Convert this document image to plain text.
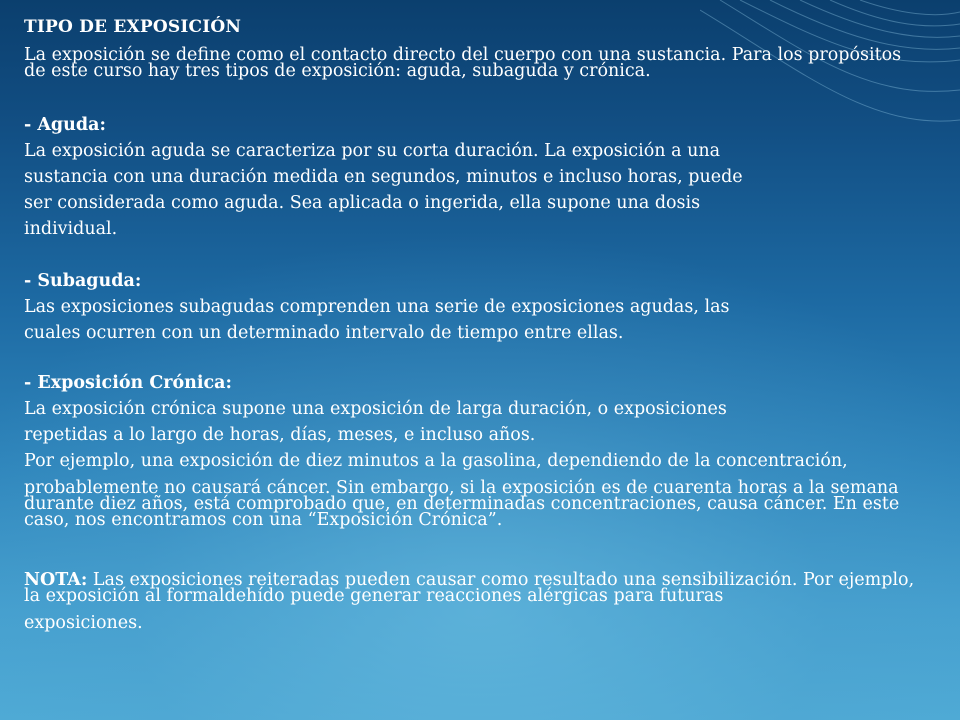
TIPO DE EXPOSICIÓN
La exposición se define como el contacto directo del cuerpo con una sustancia. Para los propósitos
de este curso hay tres tipos de exposición: aguda, subaguda y crónica.
- Aguda:
La exposición aguda se caracteriza por su corta duración. La exposición a una
sustancia con una duración medida en segundos, minutos e incluso horas, puede
ser considerada como aguda. Sea aplicada o ingerida, ella supone una dosis
individual.
- Subaguda:
Las exposiciones subagudas comprenden una serie de exposiciones agudas, las
cuales ocurren con un determinado intervalo de tiempo entre ellas.
- Exposición Crónica:
La exposición crónica supone una exposición de larga duración, o exposiciones
repetidas a lo largo de horas, días, meses, e incluso años.
Por ejemplo, una exposición de diez minutos a la gasolina, dependiendo de la concentración,
probablemente no causará cáncer. Sin embargo, si la exposición es de cuarenta horas a la semana
durante diez años, está comprobado que, en determinadas concentraciones, causa cáncer. En este
caso, nos encontramos con una “Exposición Crónica”.
NOTA: Las exposiciones reiteradas pueden causar como resultado una sensibilización. Por ejemplo,
la exposición al formaldehído puede generar reacciones alérgicas para futuras
exposiciones.
